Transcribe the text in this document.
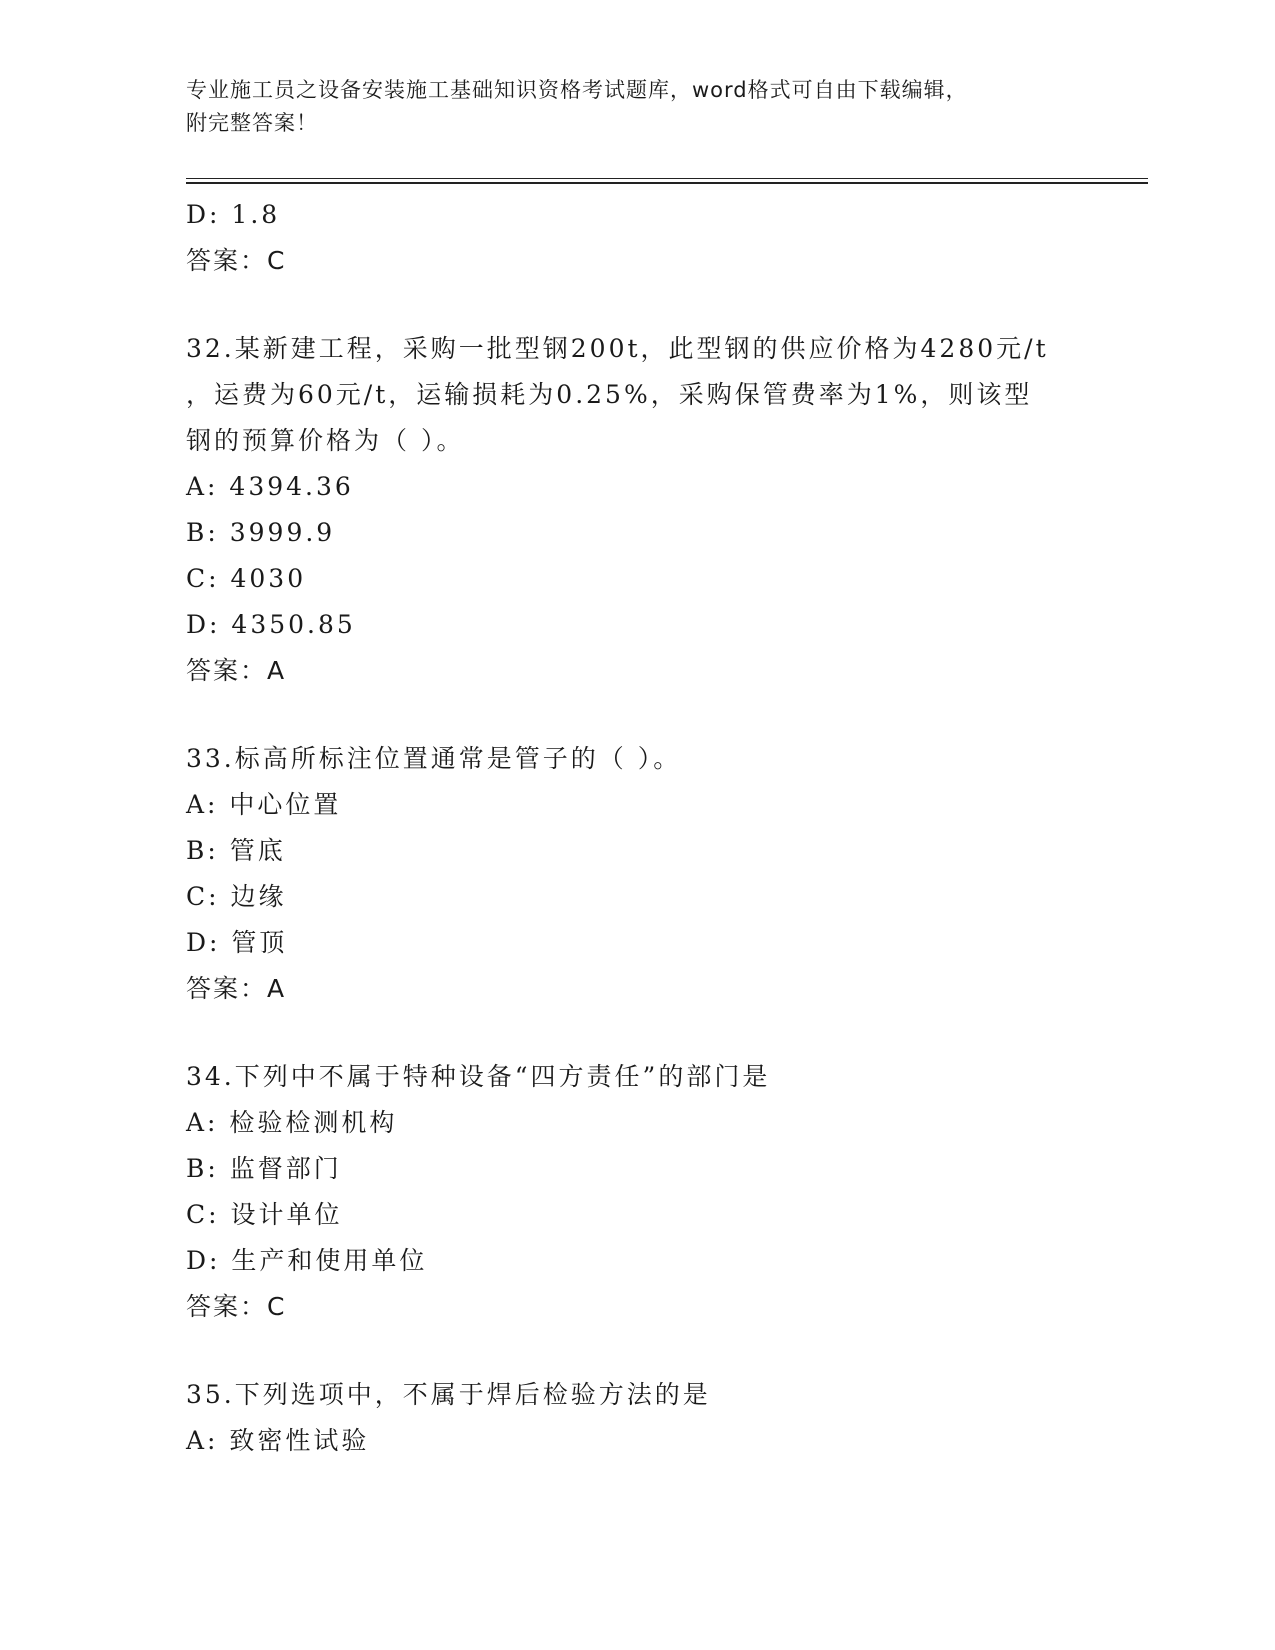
专业施工员之设备安装施工基础知识资格考试题库，word格式可自由下载编辑，
附完整答案！
D: 1.8
答案：C
32.某新建工程，采购一批型钢200t，此型钢的供应价格为4280元/t
，运费为60元/t，运输损耗为0.25%，采购保管费率为1%，则该型
钢的预算价格为（ ）。
A: 4394.36
B: 3999.9
C: 4030
D: 4350.85
答案：A
33.标高所标注位置通常是管子的（ ）。
A: 中心位置
B: 管底
C: 边缘
D: 管顶
答案：A
34.下列中不属于特种设备“四方责任”的部门是
A: 检验检测机构
B: 监督部门
C: 设计单位
D: 生产和使用单位
答案：C
35.下列选项中，不属于焊后检验方法的是
A: 致密性试验
